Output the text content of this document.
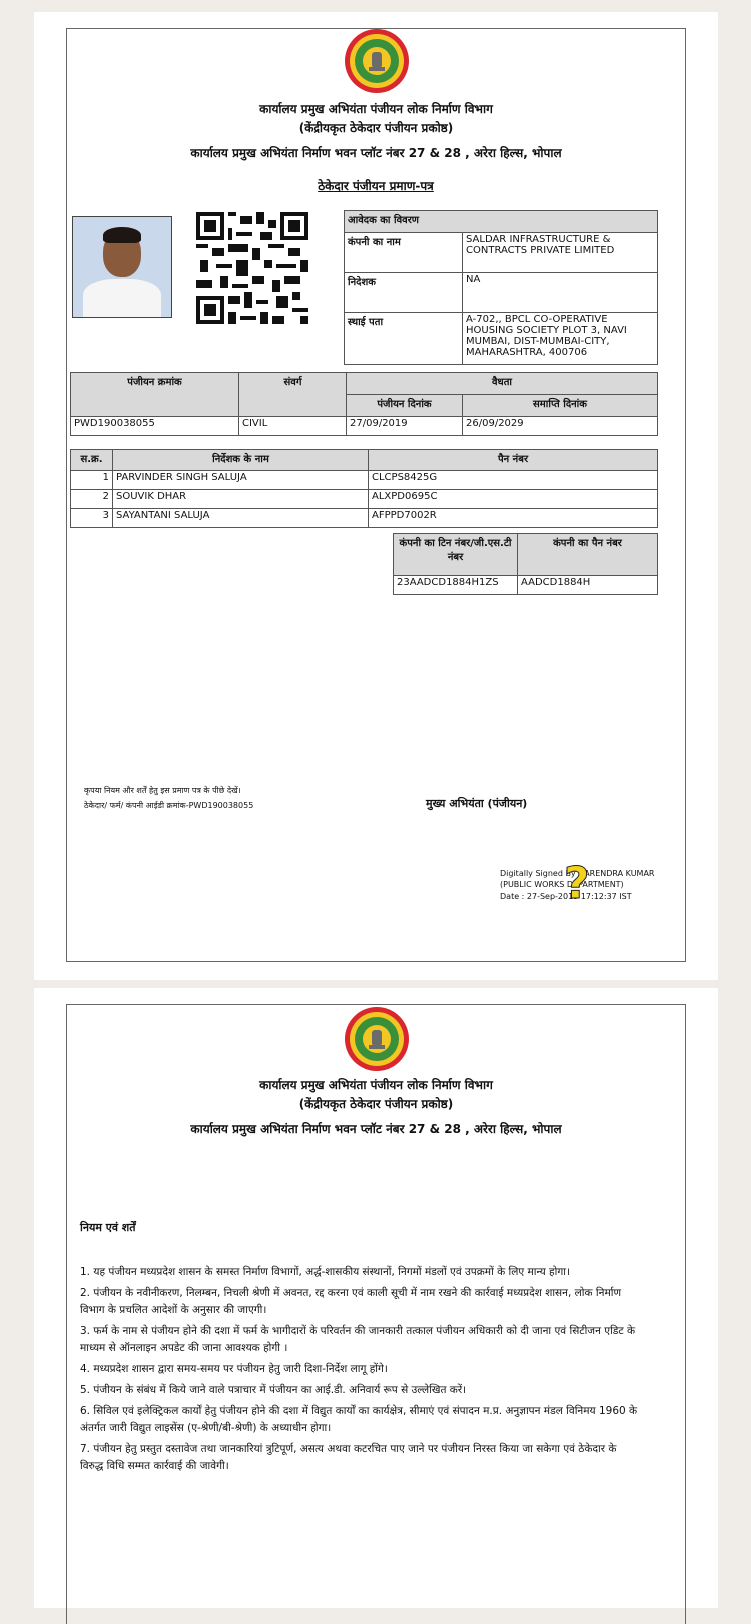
कार्यालय प्रमुख अभियंता पंजीयन लोक निर्माण विभाग
(केंद्रीयकृत ठेकेदार पंजीयन प्रकोष्ठ)
कार्यालय प्रमुख अभियंता निर्माण भवन प्लॉट नंबर 27 & 28 , अरेरा हिल्स, भोपाल
ठेकेदार पंजीयन प्रमाण-पत्र
आवेदक का विवरण	
कंपनी का नाम	SALDAR INFRASTRUCTURE & CONTRACTS PRIVATE LIMITED
निदेशक	NA
स्थाई पता	A-702,, BPCL CO-OPERATIVE HOUSING SOCIETY PLOT 3, NAVI MUMBAI, DIST-MUMBAI-CITY, MAHARASHTRA, 400706
पंजीयन क्रमांक	संवर्ग	वैधता	
		पंजीयन दिनांक	समाप्ति दिनांक
PWD190038055	CIVIL	27/09/2019	26/09/2029
स.क्र.	निर्देशक के नाम	पैन नंबर
1	PARVINDER SINGH SALUJA	CLCPS8425G
2	SOUVIK DHAR	ALXPD0695C
3	SAYANTANI SALUJA	AFPPD7002R
कंपनी का टिन नंबर/जी.एस.टी नंबर	कंपनी का पैन नंबर
23AADCD1884H1ZS	AADCD1884H
कृपया नियम और शर्तें हेतु इस प्रमाण पत्र के पीछे देखें।
ठेकेदार/ फर्म/ कंपनी आईडी क्रमांक-PWD190038055	मुख्य अभियंता (पंजीयन)
Digitally Signed By NARENDRA KUMAR
(PUBLIC WORKS DEPARTMENT)
Date : 27-Sep-2019 17:12:37 IST
?
कार्यालय प्रमुख अभियंता पंजीयन लोक निर्माण विभाग
(केंद्रीयकृत ठेकेदार पंजीयन प्रकोष्ठ)
कार्यालय प्रमुख अभियंता निर्माण भवन प्लॉट नंबर 27 & 28 , अरेरा हिल्स, भोपाल
नियम एवं शर्तें

1. यह पंजीयन मध्यप्रदेश शासन के समस्त निर्माण विभागों, अर्द्ध-शासकीय संस्थानों, निगमों मंडलों एवं उपक्रमों के लिए मान्य होगा।

2. पंजीयन के नवीनीकरण, निलम्बन, निचली श्रेणी में अवनत, रद्द करना एवं काली सूची में नाम रखने की कार्रवाई मध्यप्रदेश शासन, लोक निर्माण विभाग के प्रचलित आदेशों के अनुसार की जाएगी।

3. फर्म के नाम से पंजीयन होने की दशा में फर्म के भागीदारों के परिवर्तन की जानकारी तत्काल पंजीयन अधिकारी को दी जाना एवं सिटीजन एडिट के माध्यम से ऑनलाइन अपडेट की जाना आवश्यक होगी ।

4. मध्यप्रदेश शासन द्वारा समय-समय पर पंजीयन हेतु जारी दिशा-निर्देश लागू होंगे।

5. पंजीयन के संबंध में किये जाने वाले पत्राचार में पंजीयन का आई.डी. अनिवार्य रूप से उल्लेखित करें।

6. सिविल एवं इलेक्ट्रिकल कार्यों हेतु पंजीयन होने की दशा में विद्युत कार्यों का कार्यक्षेत्र, सीमाएं एवं संपादन म.प्र. अनुज्ञापन मंडल विनिमय 1960 के अंतर्गत जारी विद्युत लाइसेंस (ए-श्रेणी/बी-श्रेणी) के अध्याधीन होगा।

7. पंजीयन हेतु प्रस्तुत दस्तावेज तथा जानकारियां त्रुटिपूर्ण, असत्य अथवा कटरचित पाए जाने पर पंजीयन निरस्त किया जा सकेगा एवं ठेकेदार के विरुद्ध विधि सम्मत कार्रवाई की जावेगी।
